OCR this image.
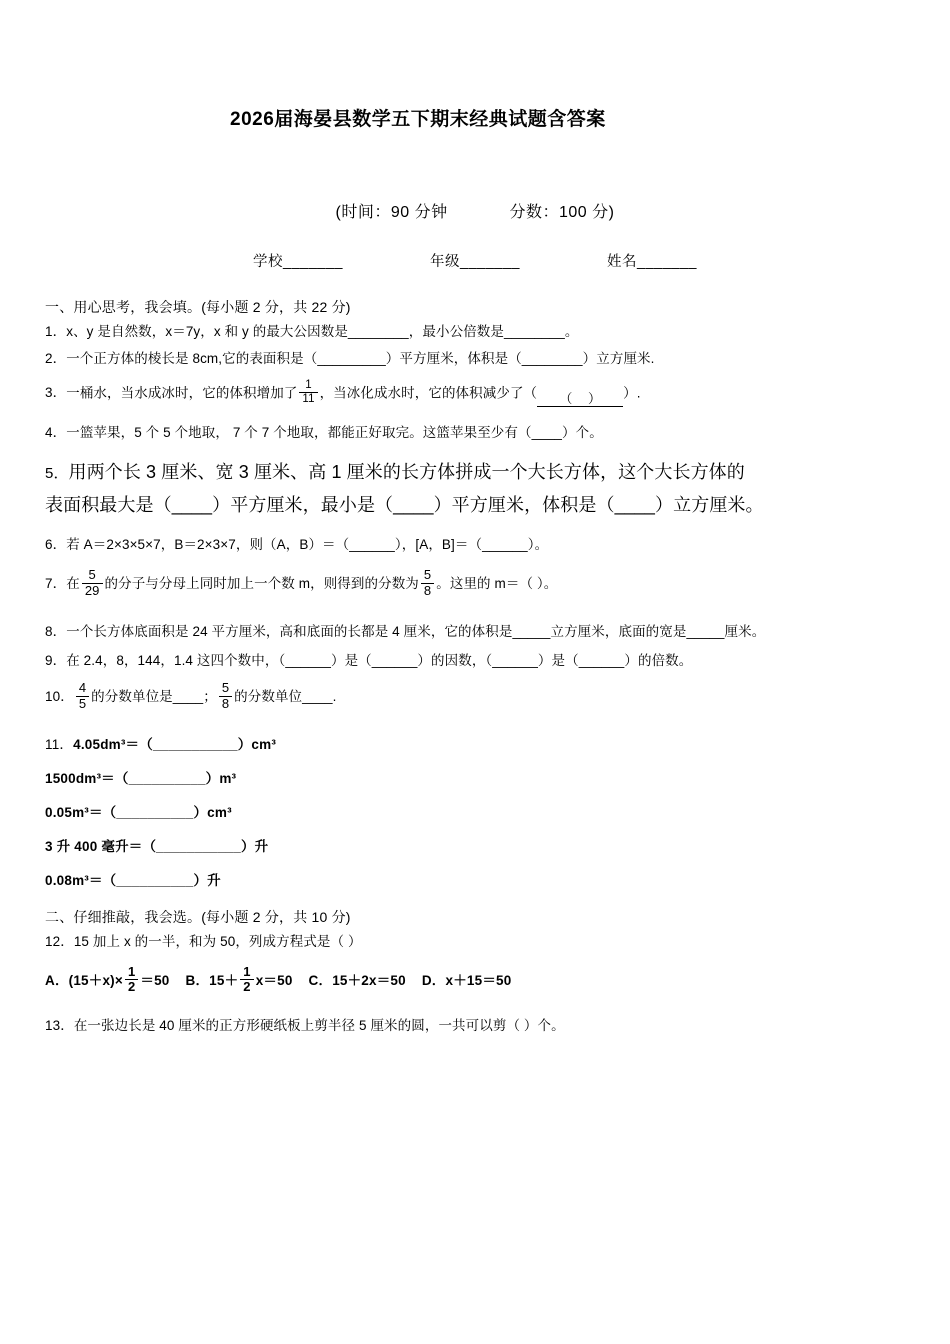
2026届海晏县数学五下期末经典试题含答案
(时间：90 分钟	分数：100 分)
学校_______	年级_______	姓名_______
一、用心思考，我会填。(每小题 2 分，共 22 分)
1．x、y 是自然数，x＝7y，x 和 y 的最大公因数是________，最小公倍数是________。
2．一个正方体的棱长是 8cm,它的表面积是（_________）平方厘米，体积是（________）立方厘米.
3．一桶水，当水成冰时，它的体积增加了 $\frac{1}{11}$ ，当冰化成水时，它的体积减少了（	（ ）	）.
4．一篮苹果，5 个 5 个地取， 7 个 7 个地取，都能正好取完。这篮苹果至少有（____）个。
5．用两个长 3 厘米、宽 3 厘米、高 1 厘米的长方体拼成一个大长方体，这个大长方体的
表面积最大是（____）平方厘米，最小是（____）平方厘米，体积是（____）立方厘米。
6．若 A＝2×3×5×7，B＝2×3×7，则（A，B）＝（______），[A，B]＝（______）。
7．在 $\frac{5}{29}$ 的分子与分母上同时加上一个数 m，则得到的分数为 $\frac{5}{8}$ 。这里的 m＝（ ）。
8．一个长方体底面积是 24 平方厘米，高和底面的长都是 4 厘米，它的体积是_____立方厘米，底面的宽是_____厘米。
9．在 2.4，8，144，1.4 这四个数中，（______）是（______）的因数，（______）是（______）的倍数。
10． $\frac{4}{5}$ 的分数单位是____； $\frac{5}{8}$ 的分数单位____.
11．4.05dm³＝（___________）cm³
1500dm³＝（__________）m³
0.05m³＝（__________）cm³
3 升 400 毫升＝（___________）升
0.08m³＝（__________）升
二、仔细推敲，我会选。(每小题 2 分，共 10 分)
12．15 加上 x 的一半，和为 50，列成方程式是（ ）
A．$(15+x)\times \frac{1}{2} =50$ B．$15+ \frac{1}{2} x=50$ C．15＋2x＝50 D．x＋15＝50
13．在一张边长是 40 厘米的正方形硬纸板上剪半径 5 厘米的圆，一共可以剪（ ）个。
